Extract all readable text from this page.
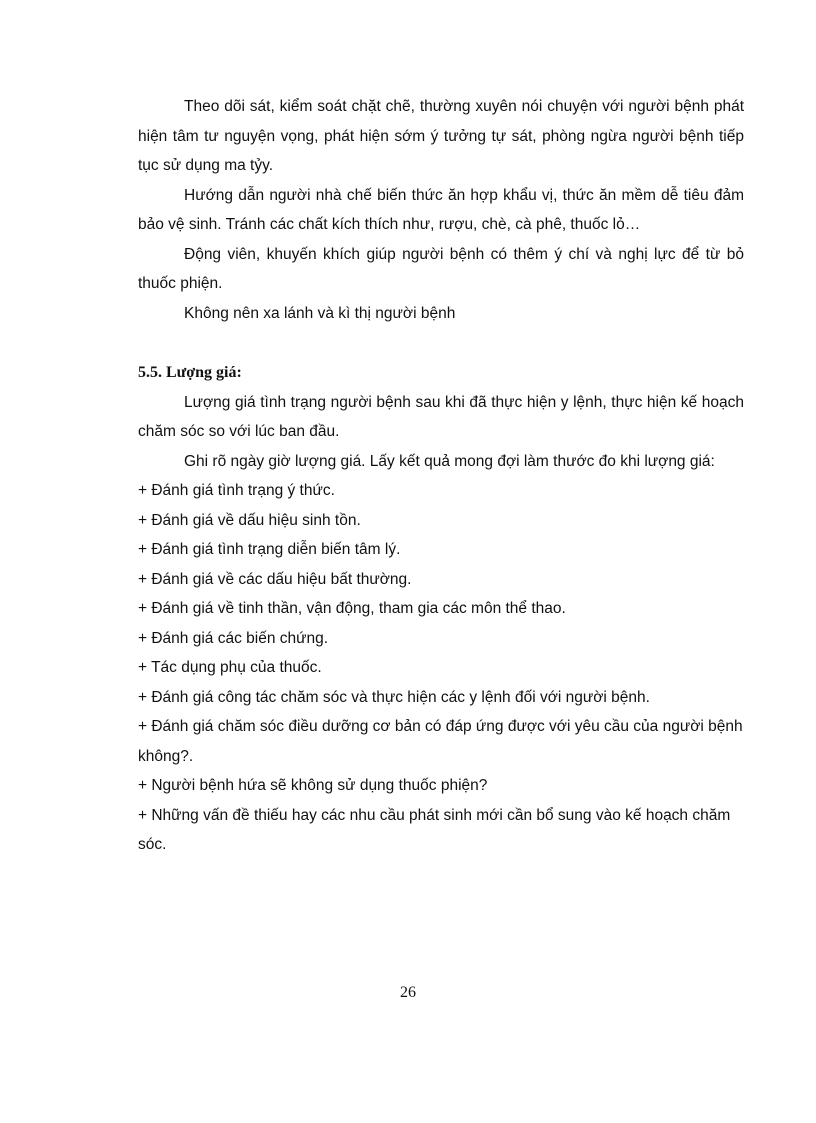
Theo dõi sát, kiểm soát chặt chẽ, thường xuyên nói chuyện với người bệnh phát hiện tâm tư nguyện vọng, phát hiện sớm ý tưởng tự sát, phòng ngừa người bệnh tiếp tục sử dụng ma tỷy.

Hướng dẫn người nhà chế biến thức ăn hợp khẩu vị, thức ăn mềm dễ tiêu đảm bảo vệ sinh. Tránh các chất kích thích như, rượu, chè, cà phê, thuốc lỏ…

Động viên, khuyến khích giúp người bệnh có thêm ý chí và nghị lực để từ bỏ thuốc phiện.

Không nên xa lánh và kì thị người bệnh

5.5. Lượng giá:

Lượng giá tình trạng người bệnh sau khi đã thực hiện y lệnh, thực hiện kế hoạch chăm sóc so với lúc ban đầu.

Ghi rõ ngày giờ lượng giá. Lấy kết quả mong đợi làm thước đo khi lượng giá:

+ Đánh giá tình trạng ý thức.

+ Đánh giá về dấu hiệu sinh tồn.

+ Đánh giá tình trạng diễn biến tâm lý.

+ Đánh giá về các dấu hiệu bất thường.

+ Đánh giá về tinh thần, vận động, tham gia các môn thể thao.

+ Đánh giá các biến chứng.

+ Tác dụng phụ của thuốc.

+ Đánh giá công tác chăm sóc và thực hiện các y lệnh đối với người bệnh.

+ Đánh giá chăm sóc điều dưỡng cơ bản có đáp ứng được với yêu cầu của người bệnh không?.

+ Người bệnh hứa sẽ không sử dụng thuốc phiện?

+ Những vấn đề thiếu hay các nhu cầu phát sinh mới cần bổ sung vào kế hoạch chăm sóc.

26
